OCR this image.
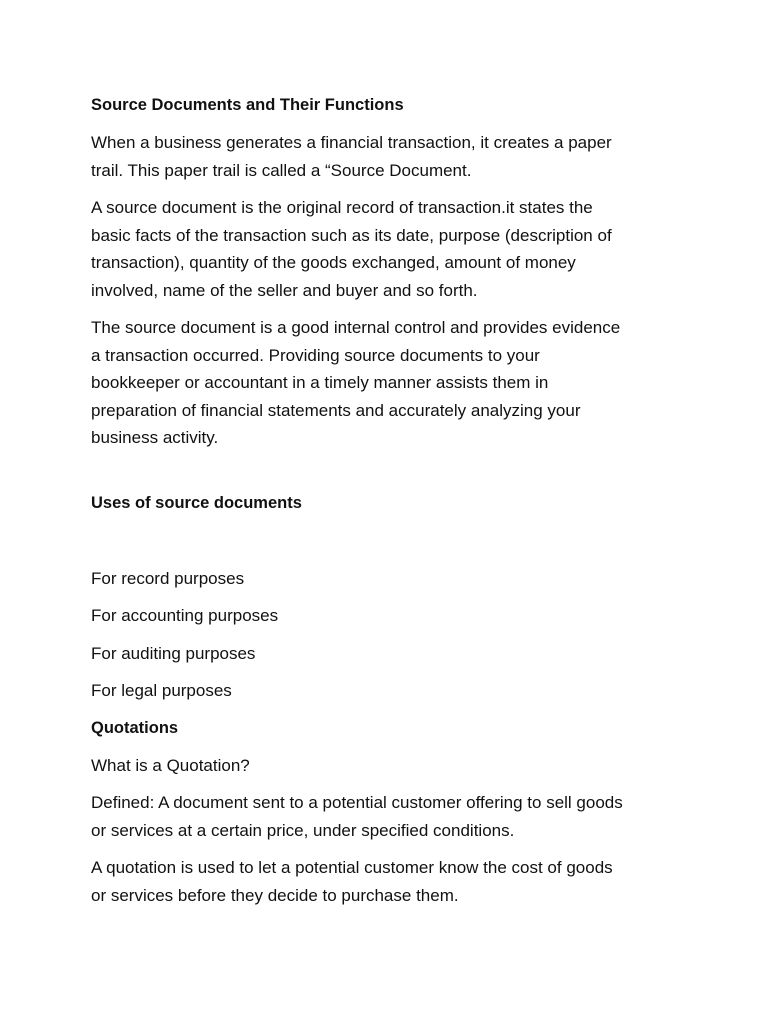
Source Documents and Their Functions

When a business generates a financial transaction, it creates a paper
trail. This paper trail is called a “Source Document.

A source document is the original record of transaction.it states the
basic facts of the transaction such as its date, purpose (description of
transaction), quantity of the goods exchanged, amount of money
involved, name of the seller and buyer and so forth.

The source document is a good internal control and provides evidence
a transaction occurred. Providing source documents to your
bookkeeper or accountant in a timely manner assists them in
preparation of financial statements and accurately analyzing your
business activity.

Uses of source documents

For record purposes

For accounting purposes

For auditing purposes

For legal purposes

Quotations

What is a Quotation?

Defined: A document sent to a potential customer offering to sell goods
or services at a certain price, under specified conditions.

A quotation is used to let a potential customer know the cost of goods
or services before they decide to purchase them.
